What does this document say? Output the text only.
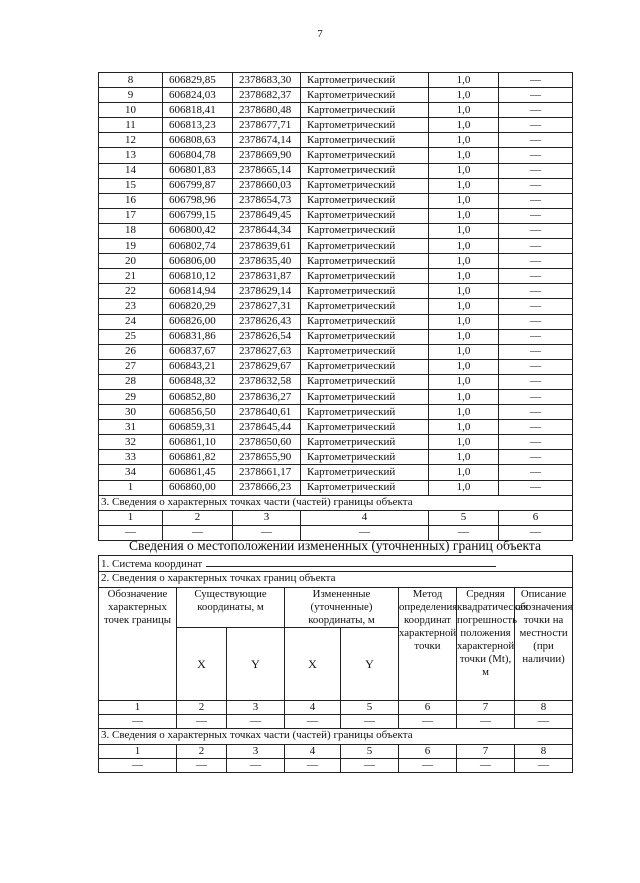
7
8	606829,85	2378683,30	Картометрический	1,0	—
9	606824,03	2378682,37	Картометрический	1,0	—
10	606818,41	2378680,48	Картометрический	1,0	—
11	606813,23	2378677,71	Картометрический	1,0	—
12	606808,63	2378674,14	Картометрический	1,0	—
13	606804,78	2378669,90	Картометрический	1,0	—
14	606801,83	2378665,14	Картометрический	1,0	—
15	606799,87	2378660,03	Картометрический	1,0	—
16	606798,96	2378654,73	Картометрический	1,0	—
17	606799,15	2378649,45	Картометрический	1,0	—
18	606800,42	2378644,34	Картометрический	1,0	—
19	606802,74	2378639,61	Картометрический	1,0	—
20	606806,00	2378635,40	Картометрический	1,0	—
21	606810,12	2378631,87	Картометрический	1,0	—
22	606814,94	2378629,14	Картометрический	1,0	—
23	606820,29	2378627,31	Картометрический	1,0	—
24	606826,00	2378626,43	Картометрический	1,0	—
25	606831,86	2378626,54	Картометрический	1,0	—
26	606837,67	2378627,63	Картометрический	1,0	—
27	606843,21	2378629,67	Картометрический	1,0	—
28	606848,32	2378632,58	Картометрический	1,0	—
29	606852,80	2378636,27	Картометрический	1,0	—
30	606856,50	2378640,61	Картометрический	1,0	—
31	606859,31	2378645,44	Картометрический	1,0	—
32	606861,10	2378650,60	Картометрический	1,0	—
33	606861,82	2378655,90	Картометрический	1,0	—
34	606861,45	2378661,17	Картометрический	1,0	—
1	606860,00	2378666,23	Картометрический	1,0	—
3. Сведения о характерных точках части (частей) границы объекта					
1	2	3	4	5	6
—	—	—	—	—	—
Сведения о местоположении измененных (уточненных) границ объекта
1. Система координат							
2. Сведения о характерных точках границ объекта							
Обозначение характерных точек границы	Существующие координаты, м		Измененные (уточненные) координаты, м		Метод определения координат характерной точки	Средняя квадратическая погрешность положения характерной точки (Mt), м	Описание обозначения точки на местности (при наличии)
	X	Y	X	Y			
1	2	3	4	5	6	7	8
—	—	—	—	—	—	—	—
3. Сведения о характерных точках части (частей) границы объекта							
1	2	3	4	5	6	7	8
—	—	—	—	—	—	—	—
